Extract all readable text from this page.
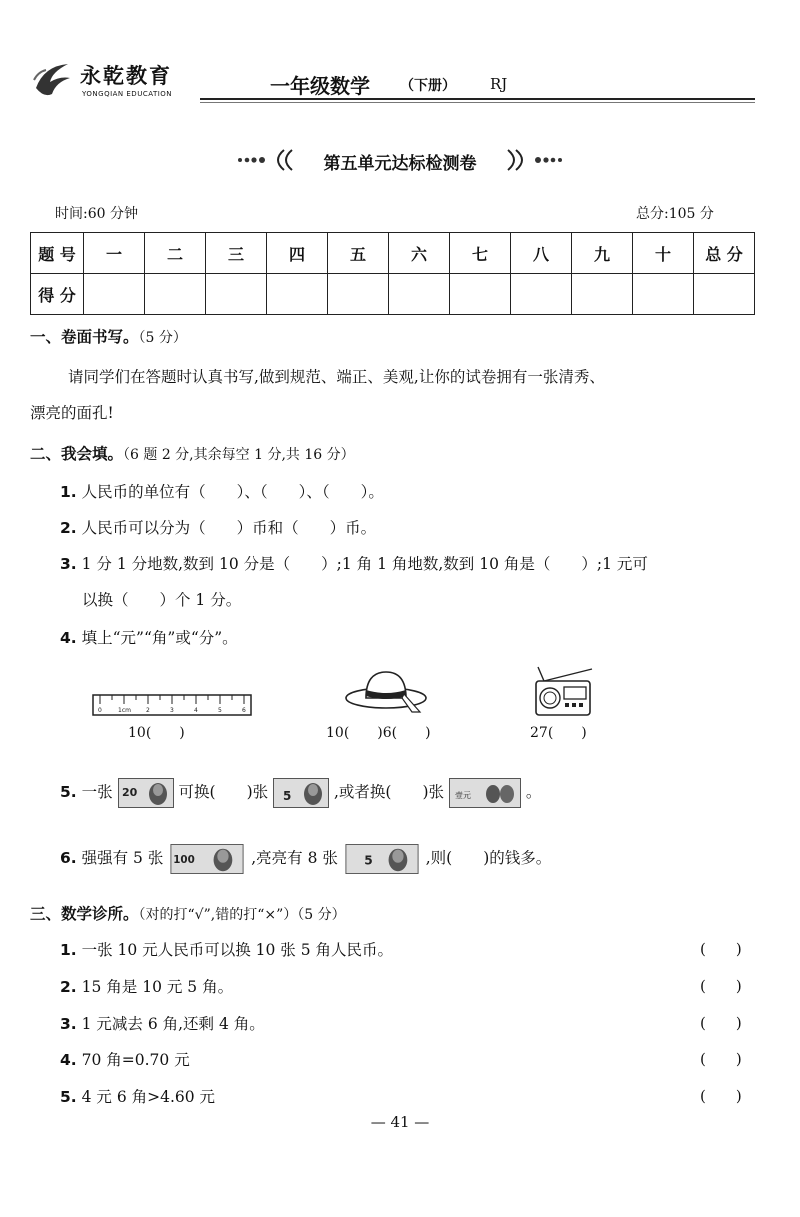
永乾教育
YONGQIAN EDUCATION	一年级数学 （下册） RJ
第五单元达标检测卷
时间:60 分钟	总分:105 分
题 号	一	二	三	四	五	六	七	八	九	十	总 分
得 分											
一、卷面书写。（5 分）
请同学们在答题时认真书写,做到规范、端正、美观,让你的试卷拥有一张清秀、
漂亮的面孔!
二、我会填。（6 题 2 分,其余每空 1 分,共 16 分）
1. 人民币的单位有（　　）、（　　）、（　　）。
2. 人民币可以分为（　　）币和（　　）币。
3. 1 分 1 分地数,数到 10 分是（　　）;1 角 1 角地数,数到 10 角是（　　）;1 元可
以换（　　）个 1 分。
4. 填上“元”“角”或“分”。
0	1cm	2	3	4	5	6
10(　　)	10(　　)6(　　)	27(　　)
5. 一张 20	可换(　　)张 5	,或者换(　　)张 壹元	。
6. 强强有 5 张 100	,亮亮有 8 张 5	,则(　　)的钱多。
三、数学诊所。（对的打“√”,错的打“×”）（5 分）
1. 一张 10 元人民币可以换 10 张 5 角人民币。	(　　)
2. 15 角是 10 元 5 角。	(　　)
3. 1 元减去 6 角,还剩 4 角。	(　　)
4. 70 角=0.70 元	(　　)
5. 4 元 6 角>4.60 元	(　　)
— 41 —
